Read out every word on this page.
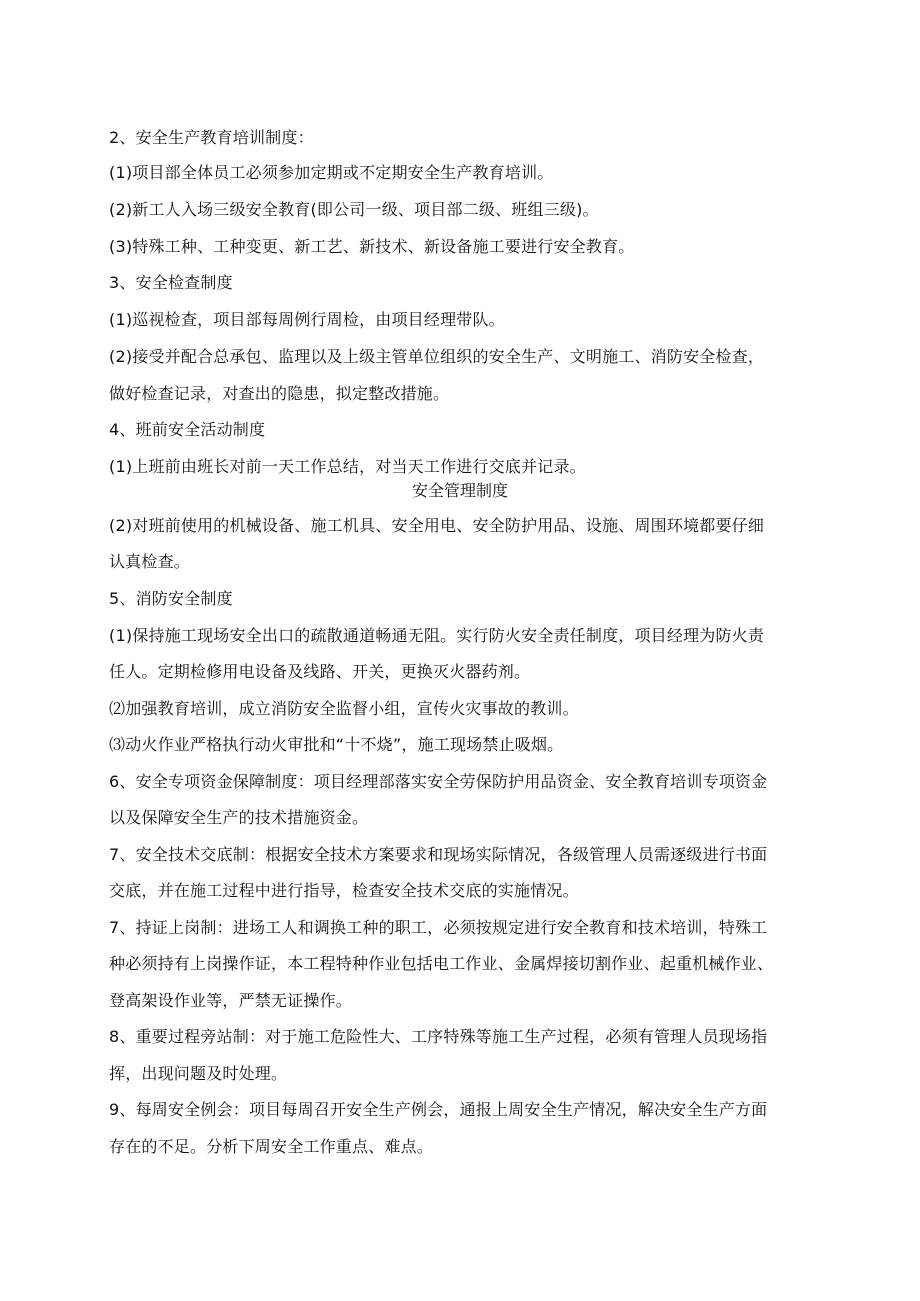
2、安全生产教育培训制度：
(1)项目部全体员工必须参加定期或不定期安全生产教育培训。
(2)新工人入场三级安全教育(即公司一级、项目部二级、班组三级)。
(3)特殊工种、工种变更、新工艺、新技术、新设备施工要进行安全教育。
3、安全检查制度
(1)巡视检查，项目部每周例行周检，由项目经理带队。
(2)接受并配合总承包、监理以及上级主管单位组织的安全生产、文明施工、消防安全检查，
做好检查记录，对查出的隐患，拟定整改措施。
4、班前安全活动制度
(1)上班前由班长对前一天工作总结，对当天工作进行交底并记录。
安全管理制度
(2)对班前使用的机械设备、施工机具、安全用电、安全防护用品、设施、周围环境都要仔细
认真检查。
5、消防安全制度
(1)保持施工现场安全出口的疏散通道畅通无阻。实行防火安全责任制度，项目经理为防火责
任人。定期检修用电设备及线路、开关，更换灭火器药剂。
⑵加强教育培训，成立消防安全监督小组，宣传火灾事故的教训。
⑶动火作业严格执行动火审批和“十不烧”，施工现场禁止吸烟。
6、安全专项资金保障制度：项目经理部落实安全劳保防护用品资金、安全教育培训专项资金
以及保障安全生产的技术措施资金。
7、安全技术交底制：根据安全技术方案要求和现场实际情况，各级管理人员需逐级进行书面
交底，并在施工过程中进行指导，检查安全技术交底的实施情况。
7、持证上岗制：进场工人和调换工种的职工，必须按规定进行安全教育和技术培训，特殊工
种必须持有上岗操作证，本工程特种作业包括电工作业、金属焊接切割作业、起重机械作业、
登高架设作业等，严禁无证操作。
8、重要过程旁站制：对于施工危险性大、工序特殊等施工生产过程，必须有管理人员现场指
挥，出现问题及时处理。
9、每周安全例会：项目每周召开安全生产例会，通报上周安全生产情况，解决安全生产方面
存在的不足。分析下周安全工作重点、难点。
